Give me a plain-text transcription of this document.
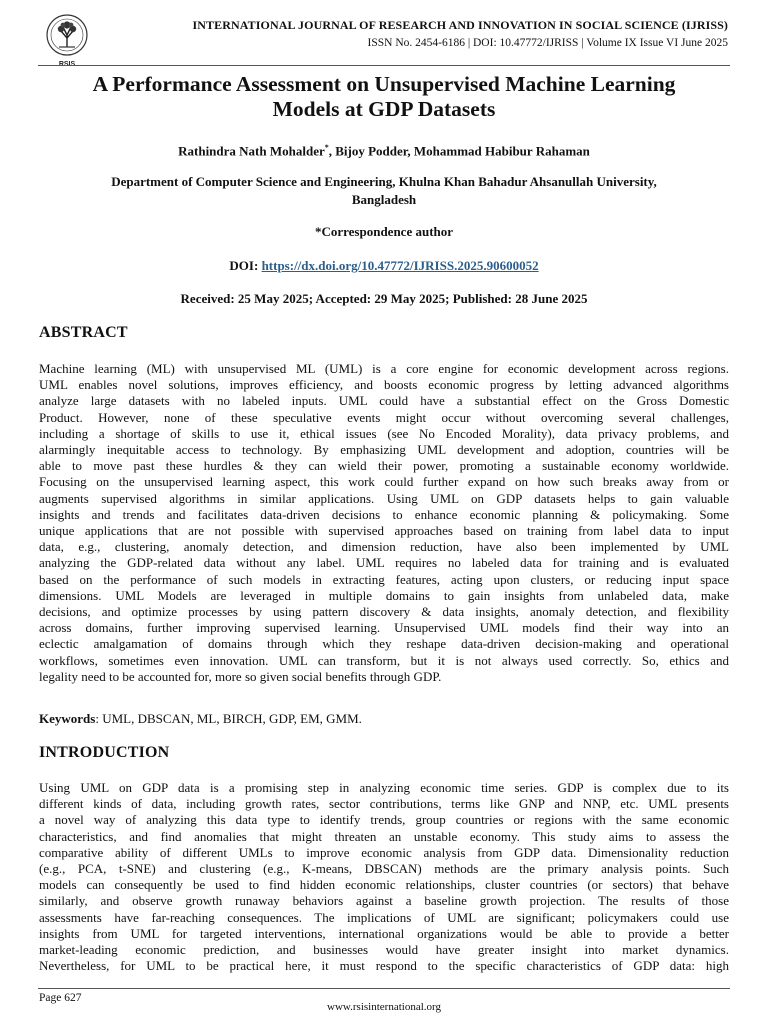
RSIS
INTERNATIONAL JOURNAL OF RESEARCH AND INNOVATION IN SOCIAL SCIENCE (IJRISS)
ISSN No. 2454-6186 | DOI: 10.47772/IJRISS | Volume IX Issue VI June 2025
A Performance Assessment on Unsupervised Machine Learning
Models at GDP Datasets
Rathindra Nath Mohalder*, Bijoy Podder, Mohammad Habibur Rahaman
Department of Computer Science and Engineering, Khulna Khan Bahadur Ahsanullah University,
Bangladesh
*Correspondence author
DOI: https://dx.doi.org/10.47772/IJRISS.2025.90600052
Received: 25 May 2025; Accepted: 29 May 2025; Published: 28 June 2025
ABSTRACT
Machine learning (ML) with unsupervised ML (UML) is a core engine for economic development across regions.
UML enables novel solutions, improves efficiency, and boosts economic progress by letting advanced algorithms
analyze large datasets with no labeled inputs. UML could have a substantial effect on the Gross Domestic
Product. However, none of these speculative events might occur without overcoming several challenges,
including a shortage of skills to use it, ethical issues (see No Encoded Morality), data privacy problems, and
alarmingly inequitable access to technology. By emphasizing UML development and adoption, countries will be
able to move past these hurdles & they can wield their power, promoting a sustainable economy worldwide.
Focusing on the unsupervised learning aspect, this work could further expand on how such breaks away from or
augments supervised algorithms in similar applications. Using UML on GDP datasets helps to gain valuable
insights and trends and facilitates data-driven decisions to enhance economic planning & policymaking. Some
unique applications that are not possible with supervised approaches based on training from label data to input
data, e.g., clustering, anomaly detection, and dimension reduction, have also been implemented by UML
analyzing the GDP-related data without any label. UML requires no labeled data for training and is evaluated
based on the performance of such models in extracting features, acting upon clusters, or reducing input space
dimensions. UML Models are leveraged in multiple domains to gain insights from unlabeled data, make
decisions, and optimize processes by using pattern discovery & data insights, anomaly detection, and flexibility
across domains, further improving supervised learning. Unsupervised UML models find their way into an
eclectic amalgamation of domains through which they reshape data-driven decision-making and operational
workflows, sometimes even innovation. UML can transform, but it is not always used correctly. So, ethics and
legality need to be accounted for, more so given social benefits through GDP.
Keywords: UML, DBSCAN, ML, BIRCH, GDP, EM, GMM.
INTRODUCTION
Using UML on GDP data is a promising step in analyzing economic time series. GDP is complex due to its
different kinds of data, including growth rates, sector contributions, terms like GNP and NNP, etc. UML presents
a novel way of analyzing this data type to identify trends, group countries or regions with the same economic
characteristics, and find anomalies that might threaten an unstable economy. This study aims to assess the
comparative ability of different UMLs to improve economic analysis from GDP data. Dimensionality reduction
(e.g., PCA, t-SNE) and clustering (e.g., K-means, DBSCAN) methods are the primary analysis points. Such
models can consequently be used to find hidden economic relationships, cluster countries (or sectors) that behave
similarly, and observe growth runaway behaviors against a baseline growth projection. The results of those
assessments have far-reaching consequences. The implications of UML are significant; policymakers could use
insights from UML for targeted interventions, international organizations would be able to provide a better
market-leading economic prediction, and businesses would have greater insight into market dynamics.
Nevertheless, for UML to be practical here, it must respond to the specific characteristics of GDP data: high
Page 627
www.rsisinternational.org
